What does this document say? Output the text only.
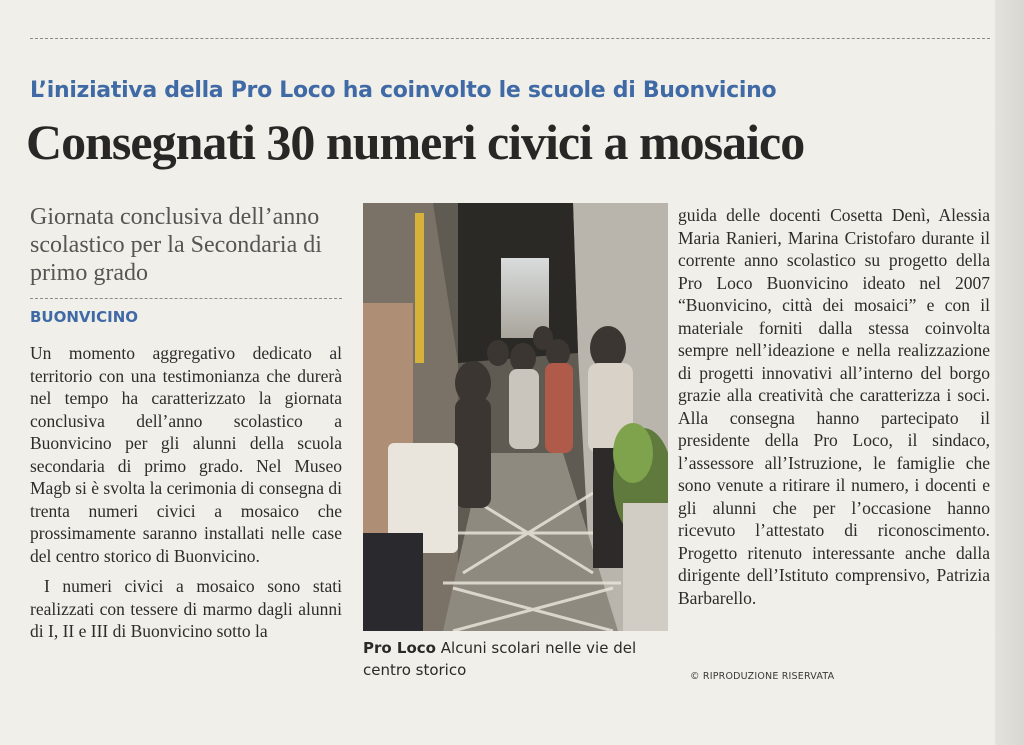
L’iniziativa della Pro Loco ha coinvolto le scuole di Buonvicino
Consegnati 30 numeri civici a mosaico
Giornata conclusiva dell’anno scolastico per la Secondaria di primo grado
BUONVICINO

Un momento aggregativo dedicato al territorio con una testimonianza che durerà nel tempo ha caratterizzato la giornata conclusiva dell’anno scolastico a Buonvicino per gli alunni della scuola secondaria di primo grado. Nel Museo Magb si è svolta la cerimonia di consegna di trenta numeri civici a mosaico che prossimamente saranno installati nelle case del centro storico di Buonvicino.

I numeri civici a mosaico sono stati realizzati con tessere di marmo dagli alunni di I, II e III di Buonvicino sotto la

Pro Loco Alcuni scolari nelle vie del centro storico

guida delle docenti Cosetta Denì, Alessia Maria Ranieri, Marina Cristofaro durante il corrente anno scolastico su progetto della Pro Loco Buonvicino ideato nel 2007 “Buonvicino, città dei mosaici” e con il materiale forniti dalla stessa coinvolta sempre nell’ideazione e nella realizzazione di progetti innovativi all’interno del borgo grazie alla creatività che caratterizza i soci. Alla consegna hanno partecipato il presidente della Pro Loco, il sindaco, l’assessore all’Istruzione, le famiglie che sono venute a ritirare il numero, i docenti e gli alunni che per l’occasione hanno ricevuto l’attestato di riconoscimento. Progetto ritenuto interessante anche dalla dirigente dell’Istituto comprensivo, Patrizia Barbarello.

© RIPRODUZIONE RISERVATA
